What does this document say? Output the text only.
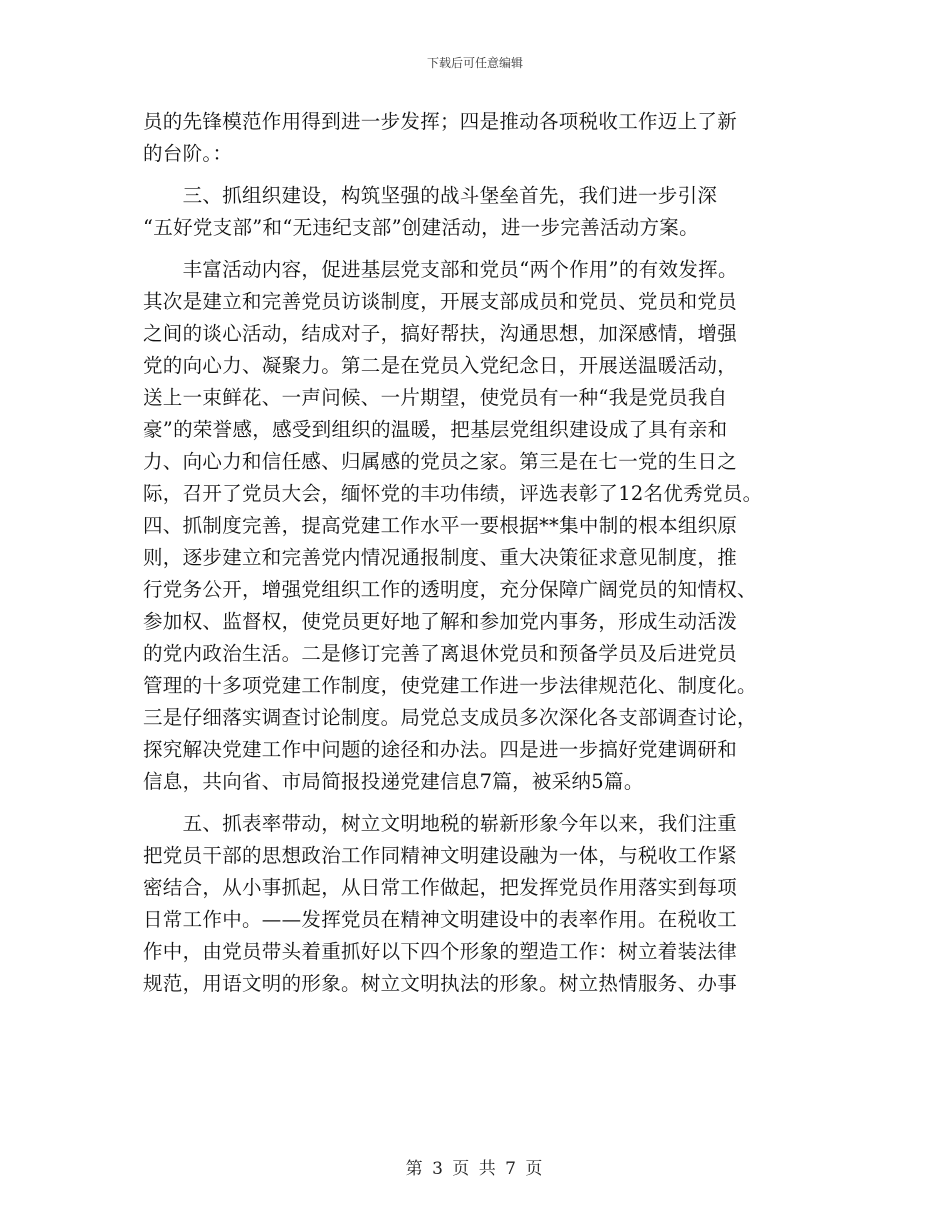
下载后可任意编辑
员的先锋模范作用得到进一步发挥；四是推动各项税收工作迈上了新
的台阶。：
　　三、抓组织建设，构筑坚强的战斗堡垒首先，我们进一步引深
“五好党支部”和“无违纪支部”创建活动，进一步完善活动方案。
　　丰富活动内容，促进基层党支部和党员“两个作用”的有效发挥。
其次是建立和完善党员访谈制度，开展支部成员和党员、党员和党员
之间的谈心活动，结成对子，搞好帮扶，沟通思想，加深感情，增强
党的向心力、凝聚力。第二是在党员入党纪念日，开展送温暖活动，
送上一束鲜花、一声问候、一片期望，使党员有一种“我是党员我自
豪”的荣誉感，感受到组织的温暖，把基层党组织建设成了具有亲和
力、向心力和信任感、归属感的党员之家。第三是在七一党的生日之
际，召开了党员大会，缅怀党的丰功伟绩，评选表彰了12名优秀党员。
四、抓制度完善，提高党建工作水平一要根据**集中制的根本组织原
则，逐步建立和完善党内情况通报制度、重大决策征求意见制度，推
行党务公开，增强党组织工作的透明度，充分保障广阔党员的知情权、
参加权、监督权，使党员更好地了解和参加党内事务，形成生动活泼
的党内政治生活。二是修订完善了离退休党员和预备学员及后进党员
管理的十多项党建工作制度，使党建工作进一步法律规范化、制度化。
三是仔细落实调查讨论制度。局党总支成员多次深化各支部调查讨论，
探究解决党建工作中问题的途径和办法。四是进一步搞好党建调研和
信息，共向省、市局简报投递党建信息7篇，被采纳5篇。
　　五、抓表率带动，树立文明地税的崭新形象今年以来，我们注重
把党员干部的思想政治工作同精神文明建设融为一体，与税收工作紧
密结合，从小事抓起，从日常工作做起，把发挥党员作用落实到每项
日常工作中。——发挥党员在精神文明建设中的表率作用。在税收工
作中，由党员带头着重抓好以下四个形象的塑造工作：树立着装法律
规范，用语文明的形象。树立文明执法的形象。树立热情服务、办事
第 3 页 共 7 页
